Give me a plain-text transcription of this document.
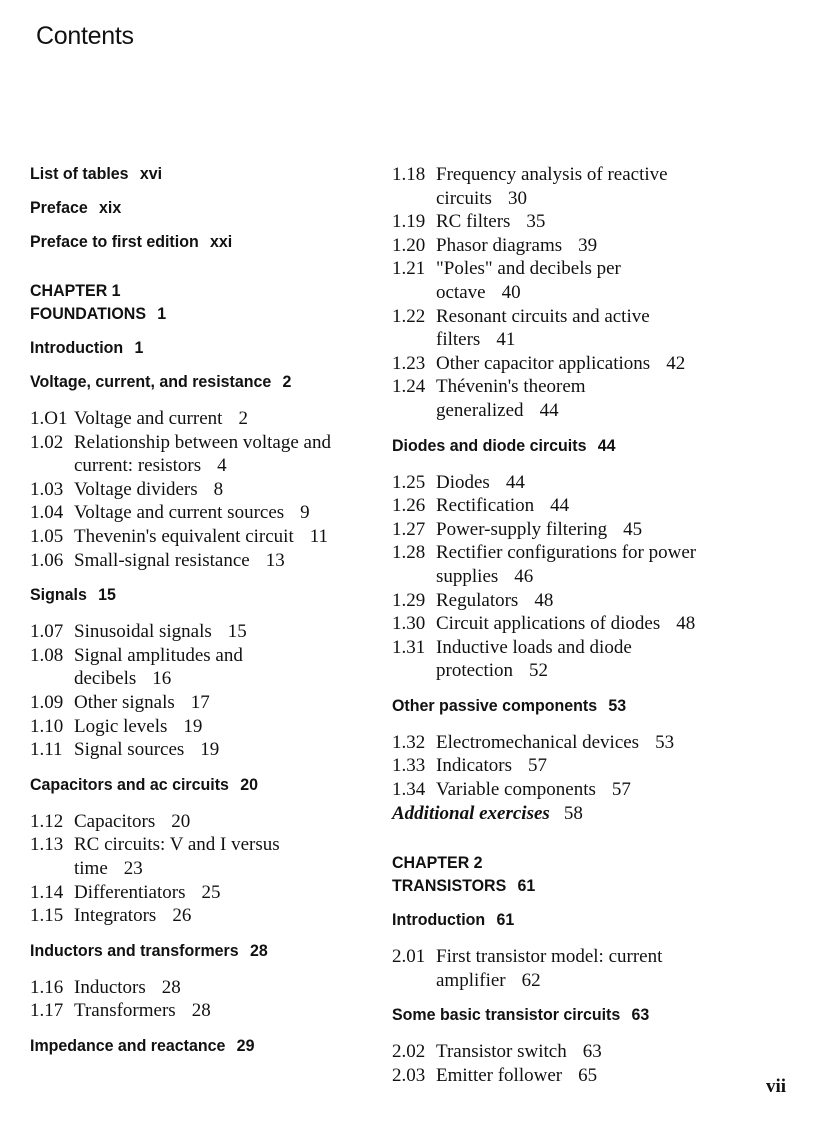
Contents
List of tables xvi
Preface xix
Preface to first edition xxi
CHAPTER 1
FOUNDATIONS 1
Introduction 1
Voltage, current, and resistance 2
1.O1 Voltage and current 2
1.02 Relationship between voltage and
current: resistors 4
1.03 Voltage dividers 8
1.04 Voltage and current sources 9
1.05 Thevenin's equivalent circuit 11
1.06 Small-signal resistance 13
Signals 15
1.07 Sinusoidal signals 15
1.08 Signal amplitudes and
decibels 16
1.09 Other signals 17
1.10 Logic levels 19
1.11 Signal sources 19
Capacitors and ac circuits 20
1.12 Capacitors 20
1.13 RC circuits: V and I versus
time 23
1.14 Differentiators 25
1.15 Integrators 26
Inductors and transformers 28
1.16 Inductors 28
1.17 Transformers 28
Impedance and reactance 29
1.18 Frequency analysis of reactive
circuits 30
1.19 RC filters 35
1.20 Phasor diagrams 39
1.21 "Poles" and decibels per
octave 40
1.22 Resonant circuits and active
filters 41
1.23 Other capacitor applications 42
1.24 Thévenin's theorem
generalized 44
Diodes and diode circuits 44
1.25 Diodes 44
1.26 Rectification 44
1.27 Power-supply filtering 45
1.28 Rectifier configurations for power
supplies 46
1.29 Regulators 48
1.30 Circuit applications of diodes 48
1.31 Inductive loads and diode
protection 52
Other passive components 53
1.32 Electromechanical devices 53
1.33 Indicators 57
1.34 Variable components 57
Additional exercises 58
CHAPTER 2
TRANSISTORS 61
Introduction 61
2.01 First transistor model: current
amplifier 62
Some basic transistor circuits 63
2.02 Transistor switch 63
2.03 Emitter follower 65
vii
